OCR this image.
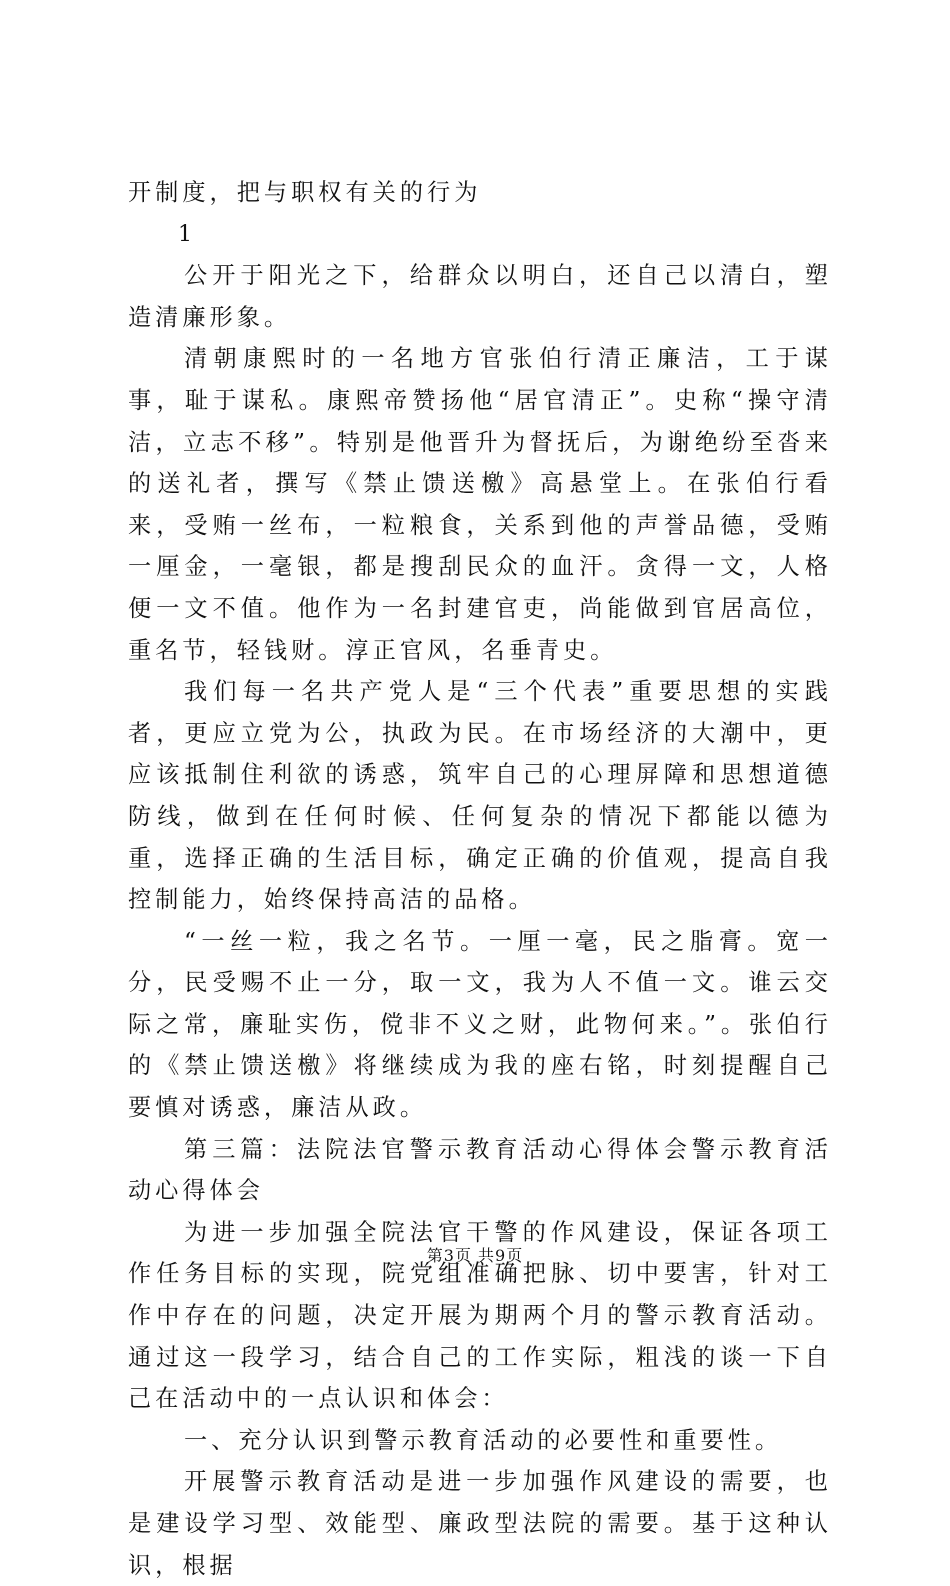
开制度，把与职权有关的行为

1

公开于阳光之下，给群众以明白，还自己以清白，塑造清廉形象。

清朝康熙时的一名地方官张伯行清正廉洁，工于谋事，耻于谋私。康熙帝赞扬他“居官清正”。史称“操守清洁，立志不移”。特别是他晋升为督抚后，为谢绝纷至沓来的送礼者，撰写《禁止馈送檄》高悬堂上。在张伯行看来，受贿一丝布，一粒粮食，关系到他的声誉品德，受贿一厘金，一毫银，都是搜刮民众的血汗。贪得一文，人格便一文不值。他作为一名封建官吏，尚能做到官居高位，重名节，轻钱财。淳正官风，名垂青史。

我们每一名共产党人是“三个代表”重要思想的实践者，更应立党为公，执政为民。在市场经济的大潮中，更应该抵制住利欲的诱惑，筑牢自己的心理屏障和思想道德防线，做到在任何时候、任何复杂的情况下都能以德为重，选择正确的生活目标，确定正确的价值观，提高自我控制能力，始终保持高洁的品格。

“一丝一粒，我之名节。一厘一毫，民之脂膏。宽一分，民受赐不止一分，取一文，我为人不值一文。谁云交际之常，廉耻实伤，傥非不义之财，此物何来。”。张伯行的《禁止馈送檄》将继续成为我的座右铭，时刻提醒自己要慎对诱惑，廉洁从政。

第三篇：法院法官警示教育活动心得体会警示教育活动心得体会

为进一步加强全院法官干警的作风建设，保证各项工作任务目标的实现，院党组准确把脉、切中要害，针对工作中存在的问题，决定开展为期两个月的警示教育活动。通过这一段学习，结合自己的工作实际，粗浅的谈一下自己在活动中的一点认识和体会：

一、充分认识到警示教育活动的必要性和重要性。

开展警示教育活动是进一步加强作风建设的需要，也是建设学习型、效能型、廉政型法院的需要。基于这种认识，根据

第3页 共9页
